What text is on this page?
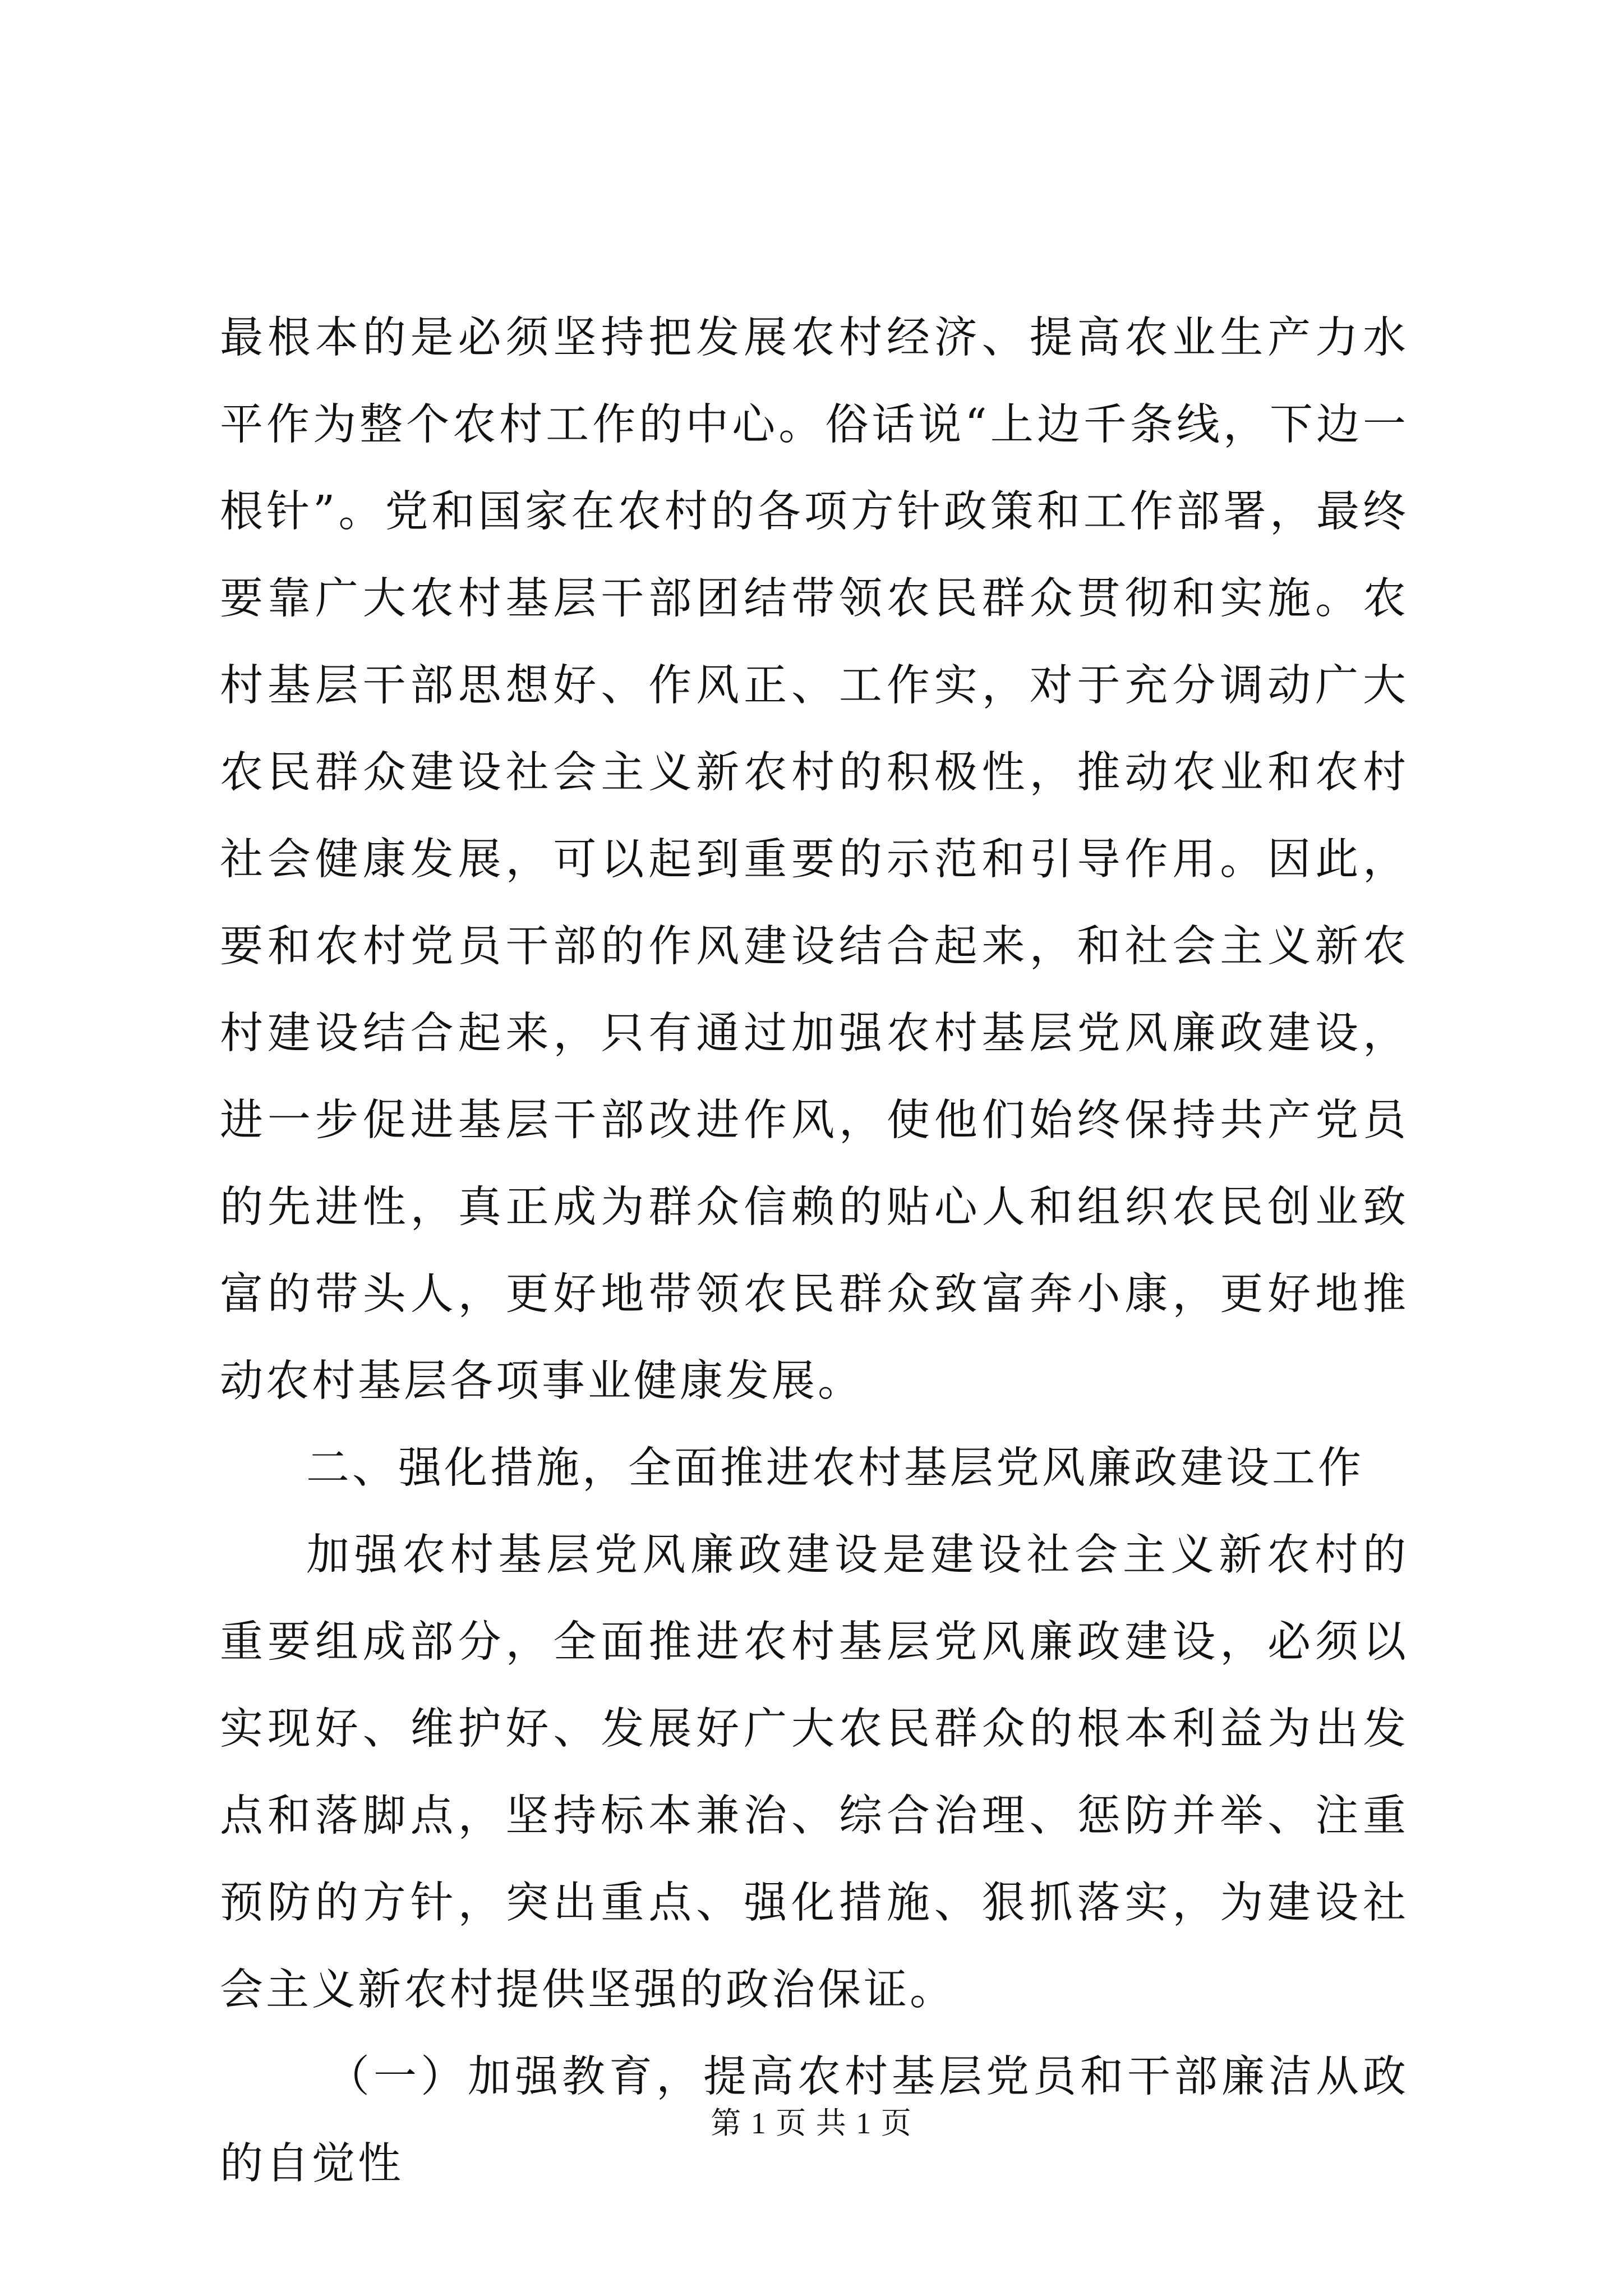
最根本的是必须坚持把发展农村经济、提高农业生产力水平作为整个农村工作的中心。俗话说“上边千条线，下边一根针”。党和国家在农村的各项方针政策和工作部署，最终要靠广大农村基层干部团结带领农民群众贯彻和实施。农村基层干部思想好、作风正、工作实，对于充分调动广大农民群众建设社会主义新农村的积极性，推动农业和农村社会健康发展，可以起到重要的示范和引导作用。因此，要和农村党员干部的作风建设结合起来，和社会主义新农村建设结合起来，只有通过加强农村基层党风廉政建设，进一步促进基层干部改进作风，使他们始终保持共产党员的先进性，真正成为群众信赖的贴心人和组织农民创业致富的带头人，更好地带领农民群众致富奔小康，更好地推动农村基层各项事业健康发展。

二、强化措施，全面推进农村基层党风廉政建设工作

加强农村基层党风廉政建设是建设社会主义新农村的重要组成部分，全面推进农村基层党风廉政建设，必须以实现好、维护好、发展好广大农民群众的根本利益为出发点和落脚点，坚持标本兼治、综合治理、惩防并举、注重预防的方针，突出重点、强化措施、狠抓落实，为建设社会主义新农村提供坚强的政治保证。

（一）加强教育，提高农村基层党员和干部廉洁从政的自觉性

第 1 页 共 1 页
